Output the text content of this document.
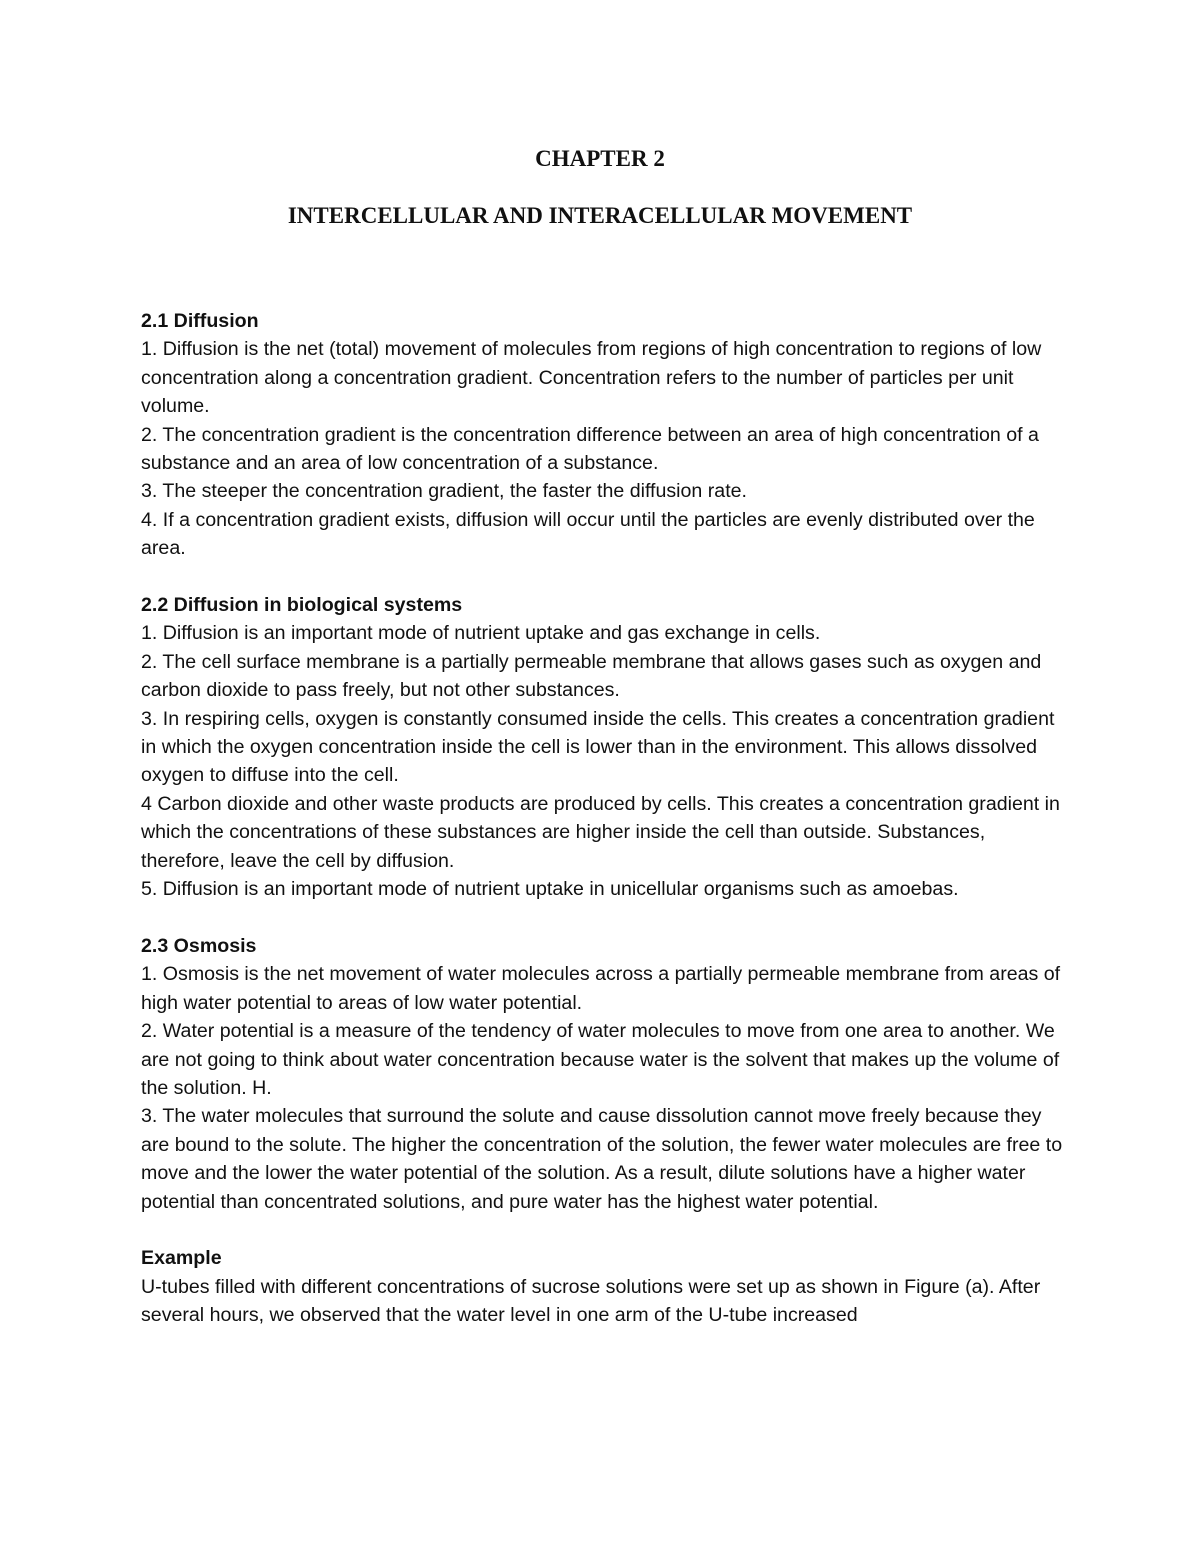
CHAPTER 2
INTERCELLULAR AND INTERACELLULAR MOVEMENT

2.1 Diffusion

1. Diffusion is the net (total) movement of molecules from regions of high concentration to regions of low concentration along a concentration gradient. Concentration refers to the number of particles per unit volume.

2. The concentration gradient is the concentration difference between an area of high concentration of a substance and an area of low concentration of a substance.

3. The steeper the concentration gradient, the faster the diffusion rate.

4. If a concentration gradient exists, diffusion will occur until the particles are evenly distributed over the area.

2.2 Diffusion in biological systems

1. Diffusion is an important mode of nutrient uptake and gas exchange in cells.

2. The cell surface membrane is a partially permeable membrane that allows gases such as oxygen and carbon dioxide to pass freely, but not other substances.

3. In respiring cells, oxygen is constantly consumed inside the cells. This creates a concentration gradient in which the oxygen concentration inside the cell is lower than in the environment. This allows dissolved oxygen to diffuse into the cell.

4 Carbon dioxide and other waste products are produced by cells. This creates a concentration gradient in which the concentrations of these substances are higher inside the cell than outside. Substances, therefore, leave the cell by diffusion.

5. Diffusion is an important mode of nutrient uptake in unicellular organisms such as amoebas.

2.3 Osmosis

1. Osmosis is the net movement of water molecules across a partially permeable membrane from areas of high water potential to areas of low water potential.

2. Water potential is a measure of the tendency of water molecules to move from one area to another. We are not going to think about water concentration because water is the solvent that makes up the volume of the solution. H.

3. The water molecules that surround the solute and cause dissolution cannot move freely because they are bound to the solute. The higher the concentration of the solution, the fewer water molecules are free to move and the lower the water potential of the solution. As a result, dilute solutions have a higher water potential than concentrated solutions, and pure water has the highest water potential.

Example

U-tubes filled with different concentrations of sucrose solutions were set up as shown in Figure (a). After several hours, we observed that the water level in one arm of the U-tube increased
